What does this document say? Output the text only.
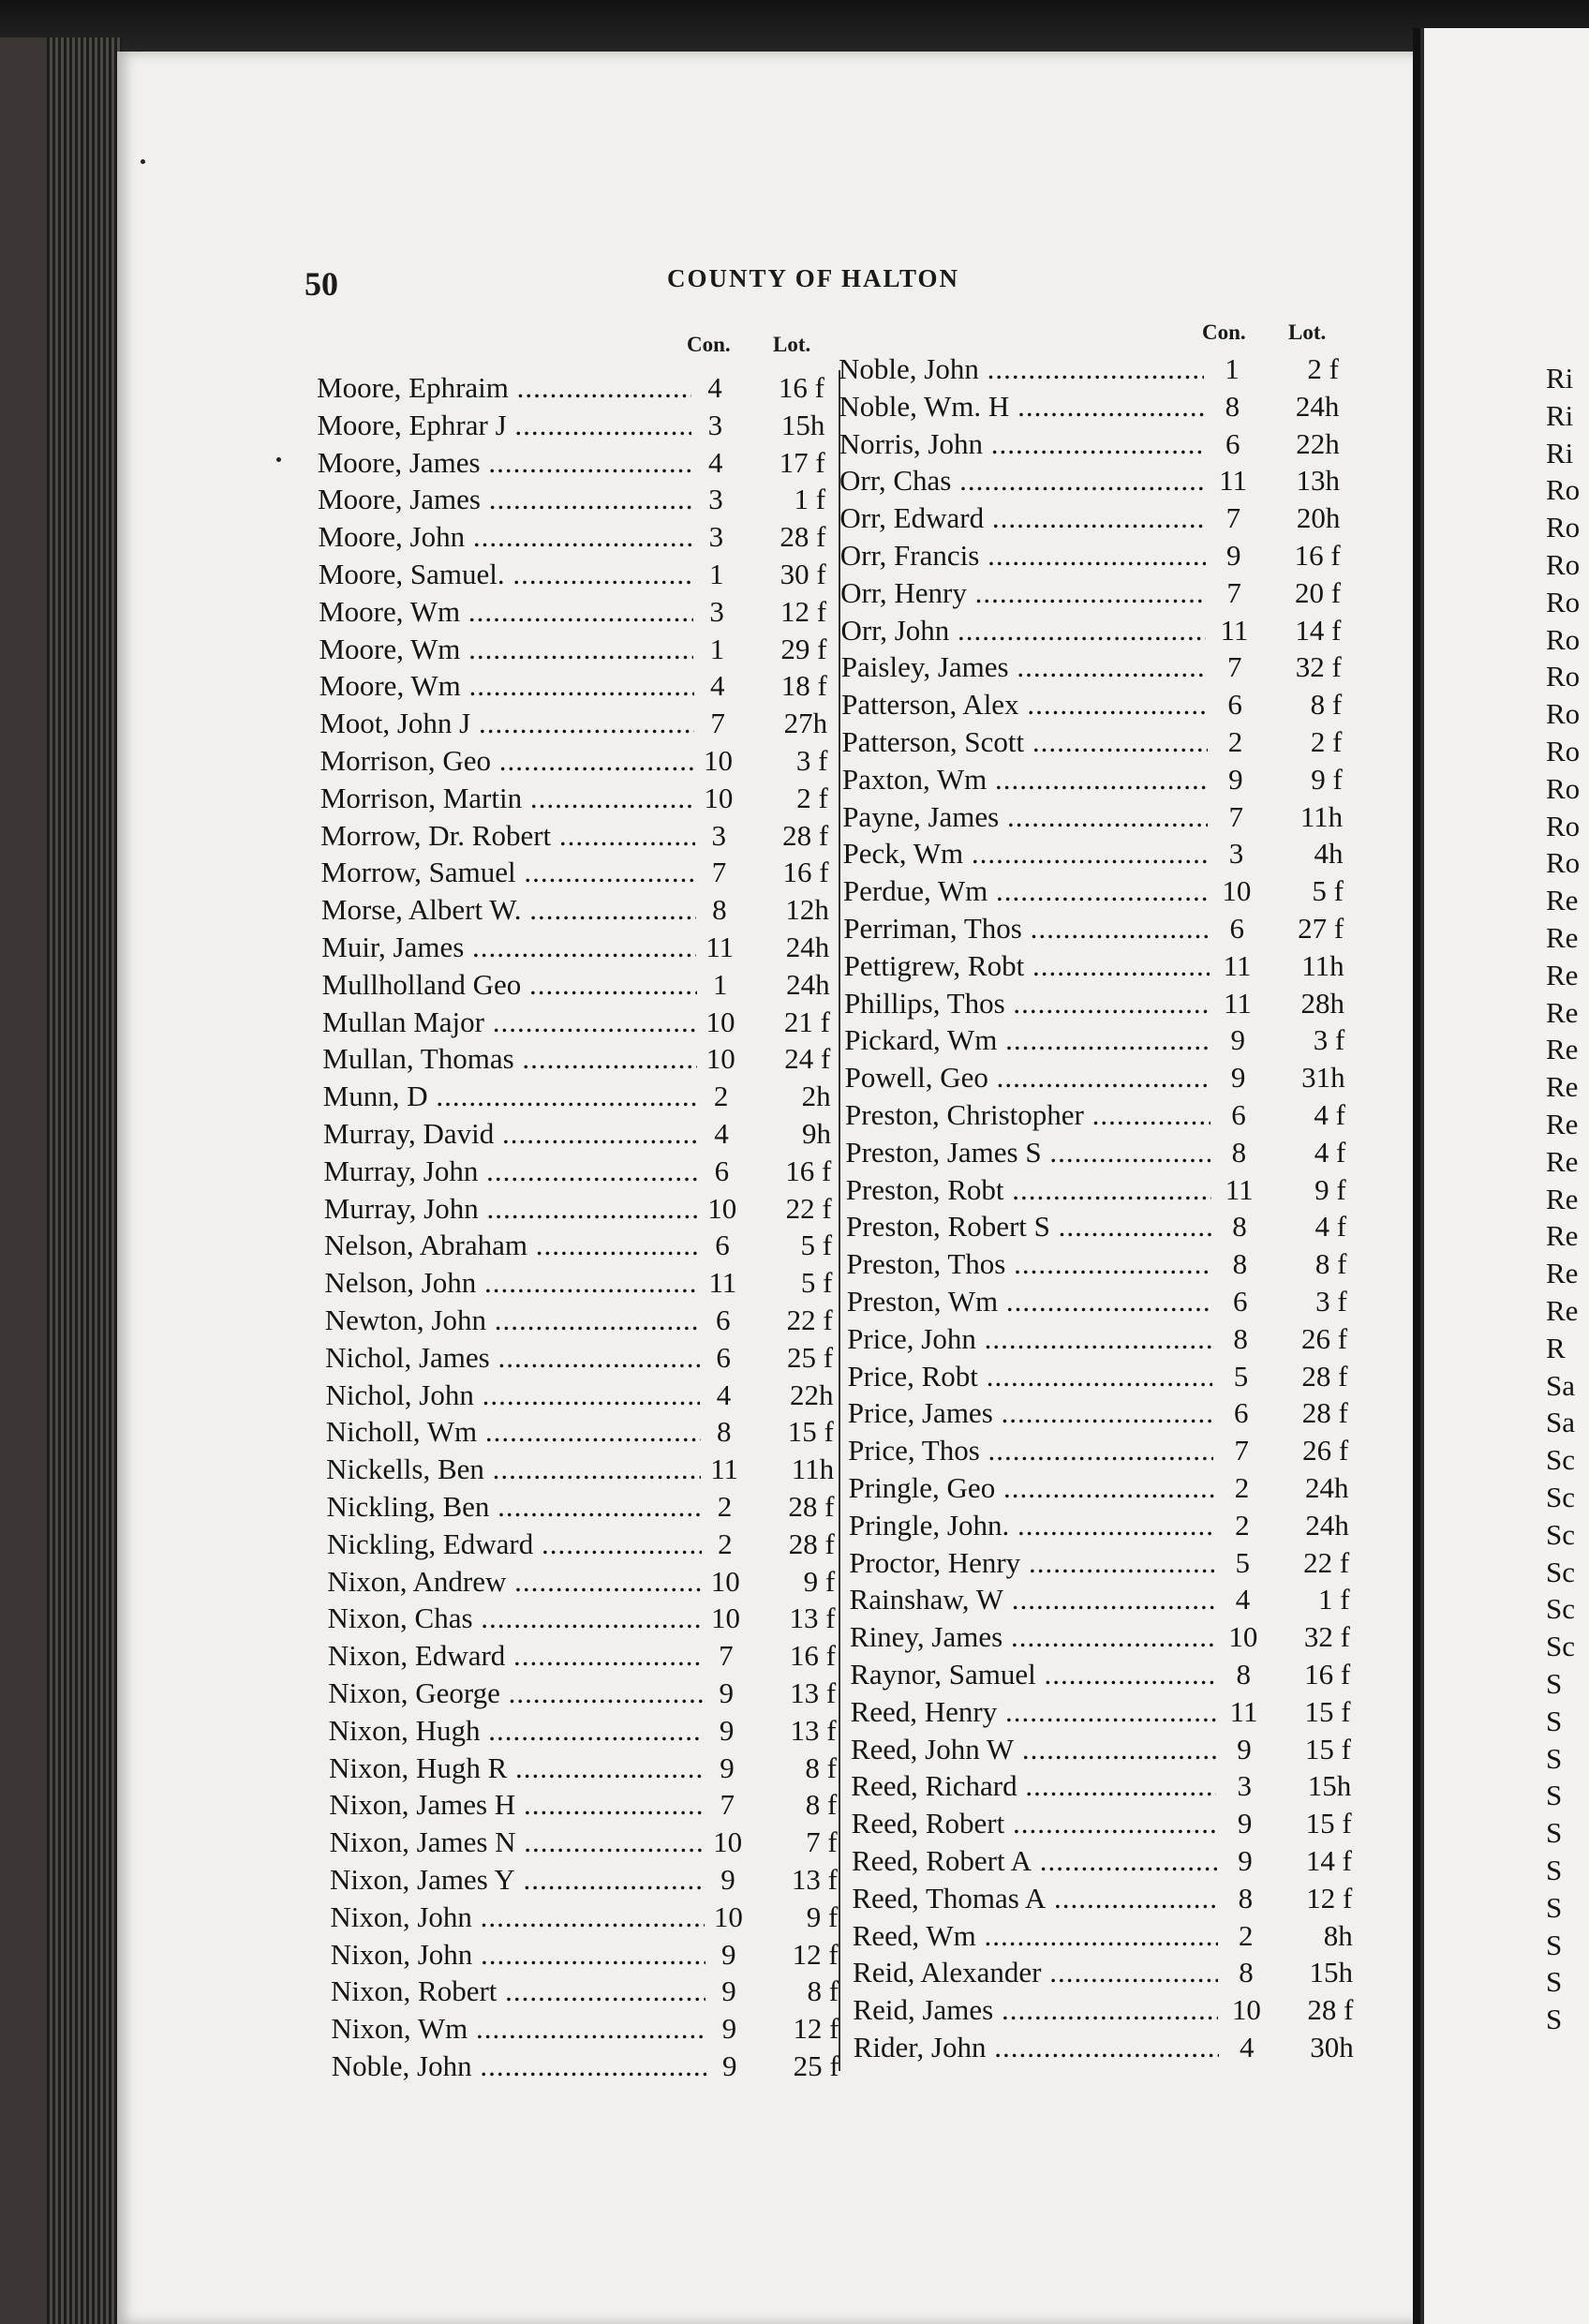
Ri
Ri
Ri
Ro
Ro
Ro
Ro
Ro
Ro
Ro
Ro
Ro
Ro
Ro
Re
Re
Re
Re
Re
Re
Re
Re
Re
Re
Re
Re
R
Sa
Sa
Sc
Sc
Sc
Sc
Sc
Sc
S
S
S
S
S
S
S
S
S
S
50	COUNTY OF HALTON
Con. Lot.
Con. Lot.
Moore, Ephraim .....	4	16 f
Moore, Ephrar J .....	3	15h
Moore, James .....	4	17 f
Moore, James .....	3	1 f
Moore, John .....	3	28 f
Moore, Samuel. .....	1	30 f
Moore, Wm .....	3	12 f
Moore, Wm .....	1	29 f
Moore, Wm .....	4	18 f
Moot, John J .....	7	27h
Morrison, Geo .....	10	3 f
Morrison, Martin .....	10	2 f
Morrow, Dr. Robert .....	3	28 f
Morrow, Samuel .....	7	16 f
Morse, Albert W. .....	8	12h
Muir, James .....	11	24h
Mullholland Geo .....	1	24h
Mullan Major .....	10	21 f
Mullan, Thomas .....	10	24 f
Munn, D .....	2	2h
Murray, David .....	4	9h
Murray, John .....	6	16 f
Murray, John .....	10	22 f
Nelson, Abraham .....	6	5 f
Nelson, John .....	11	5 f
Newton, John .....	6	22 f
Nichol, James .....	6	25 f
Nichol, John .....	4	22h
Nicholl, Wm .....	8	15 f
Nickells, Ben .....	11	11h
Nickling, Ben .....	2	28 f
Nickling, Edward .....	2	28 f
Nixon, Andrew .....	10	9 f
Nixon, Chas .....	10	13 f
Nixon, Edward .....	7	16 f
Nixon, George .....	9	13 f
Nixon, Hugh .....	9	13 f
Nixon, Hugh R .....	9	8 f
Nixon, James H .....	7	8 f
Nixon, James N .....	10	7 f
Nixon, James Y .....	9	13 f
Nixon, John .....	10	9 f
Nixon, John .....	9	12 f
Nixon, Robert .....	9	8 f
Nixon, Wm .....	9	12 f
Noble, John .....	9	25 f
Noble, John .....	1	2 f
Noble, Wm. H .....	8	24h
Norris, John .....	6	22h
Orr, Chas .....	11	13h
Orr, Edward .....	7	20h
Orr, Francis .....	9	16 f
Orr, Henry .....	7	20 f
Orr, John .....	11	14 f
Paisley, James .....	7	32 f
Patterson, Alex .....	6	8 f
Patterson, Scott .....	2	2 f
Paxton, Wm .....	9	9 f
Payne, James .....	7	11h
Peck, Wm .....	3	4h
Perdue, Wm .....	10	5 f
Perriman, Thos .....	6	27 f
Pettigrew, Robt .....	11	11h
Phillips, Thos .....	11	28h
Pickard, Wm .....	9	3 f
Powell, Geo .....	9	31h
Preston, Christopher .....	6	4 f
Preston, James S .....	8	4 f
Preston, Robt .....	11	9 f
Preston, Robert S .....	8	4 f
Preston, Thos .....	8	8 f
Preston, Wm .....	6	3 f
Price, John .....	8	26 f
Price, Robt .....	5	28 f
Price, James .....	6	28 f
Price, Thos .....	7	26 f
Pringle, Geo .....	2	24h
Pringle, John. .....	2	24h
Proctor, Henry .....	5	22 f
Rainshaw, W .....	4	1 f
Riney, James .....	10	32 f
Raynor, Samuel .....	8	16 f
Reed, Henry .....	11	15 f
Reed, John W .....	9	15 f
Reed, Richard .....	3	15h
Reed, Robert .....	9	15 f
Reed, Robert A .....	9	14 f
Reed, Thomas A .....	8	12 f
Reed, Wm .....	2	8h
Reid, Alexander .....	8	15h
Reid, James .....	10	28 f
Rider, John .....	4	30h
